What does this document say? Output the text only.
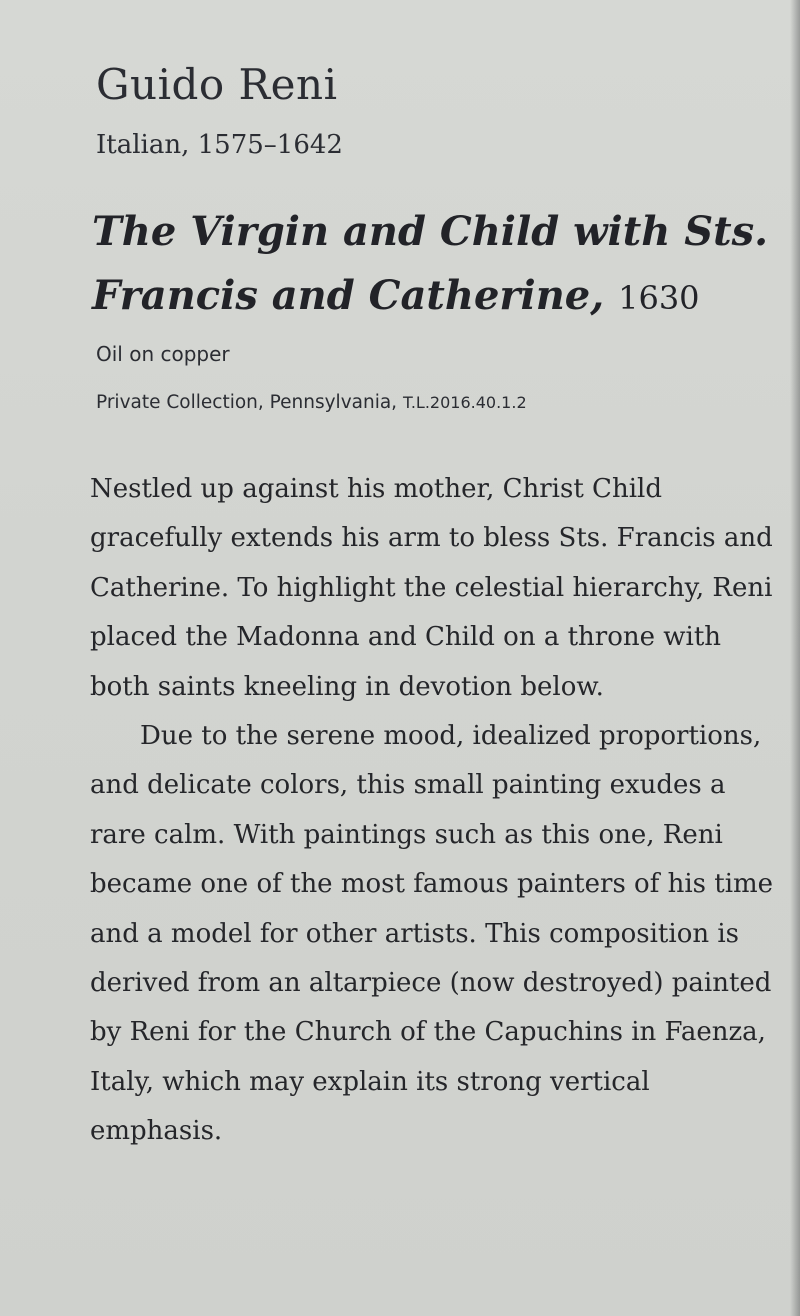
Guido Reni
Italian, 1575–1642
The Virgin and Child with Sts. Francis and Catherine, 1630
Oil on copper
Private Collection, Pennsylvania, T.L.2016.40.1.2

Nestled up against his mother, Christ Child gracefully extends his arm to bless Sts. Francis and Catherine. To highlight the celestial hierarchy, Reni placed the Madonna and Child on a throne with both saints kneeling in devotion below.

Due to the serene mood, idealized proportions, and delicate colors, this small painting exudes a rare calm. With paintings such as this one, Reni became one of the most famous painters of his time and a model for other artists. This composition is derived from an altarpiece (now destroyed) painted by Reni for the Church of the Capuchins in Faenza, Italy, which may explain its strong vertical emphasis.
